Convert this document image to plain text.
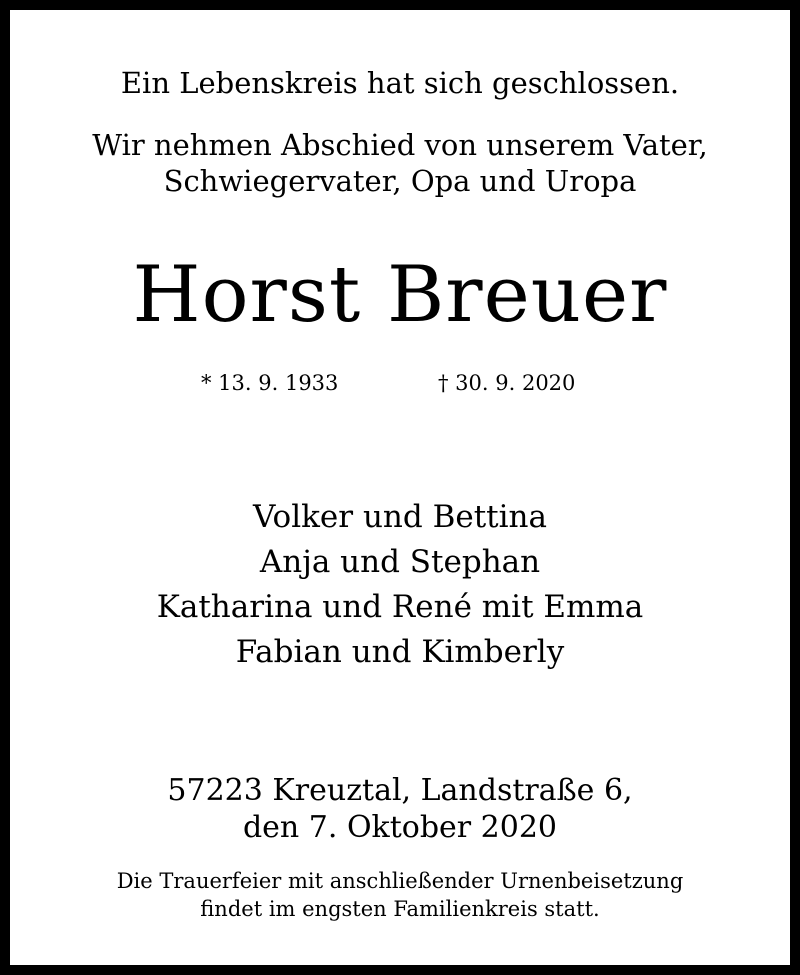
Ein Lebenskreis hat sich geschlossen.
Wir nehmen Abschied von unserem Vater,
Schwiegervater, Opa und Uropa
Horst Breuer
* 13. 9. 1933	† 30. 9. 2020
Volker und Bettina
Anja und Stephan
Katharina und René mit Emma
Fabian und Kimberly
57223 Kreuztal, Landstraße 6,
den 7. Oktober 2020
Die Trauerfeier mit anschließender Urnenbeisetzung
findet im engsten Familienkreis statt.
